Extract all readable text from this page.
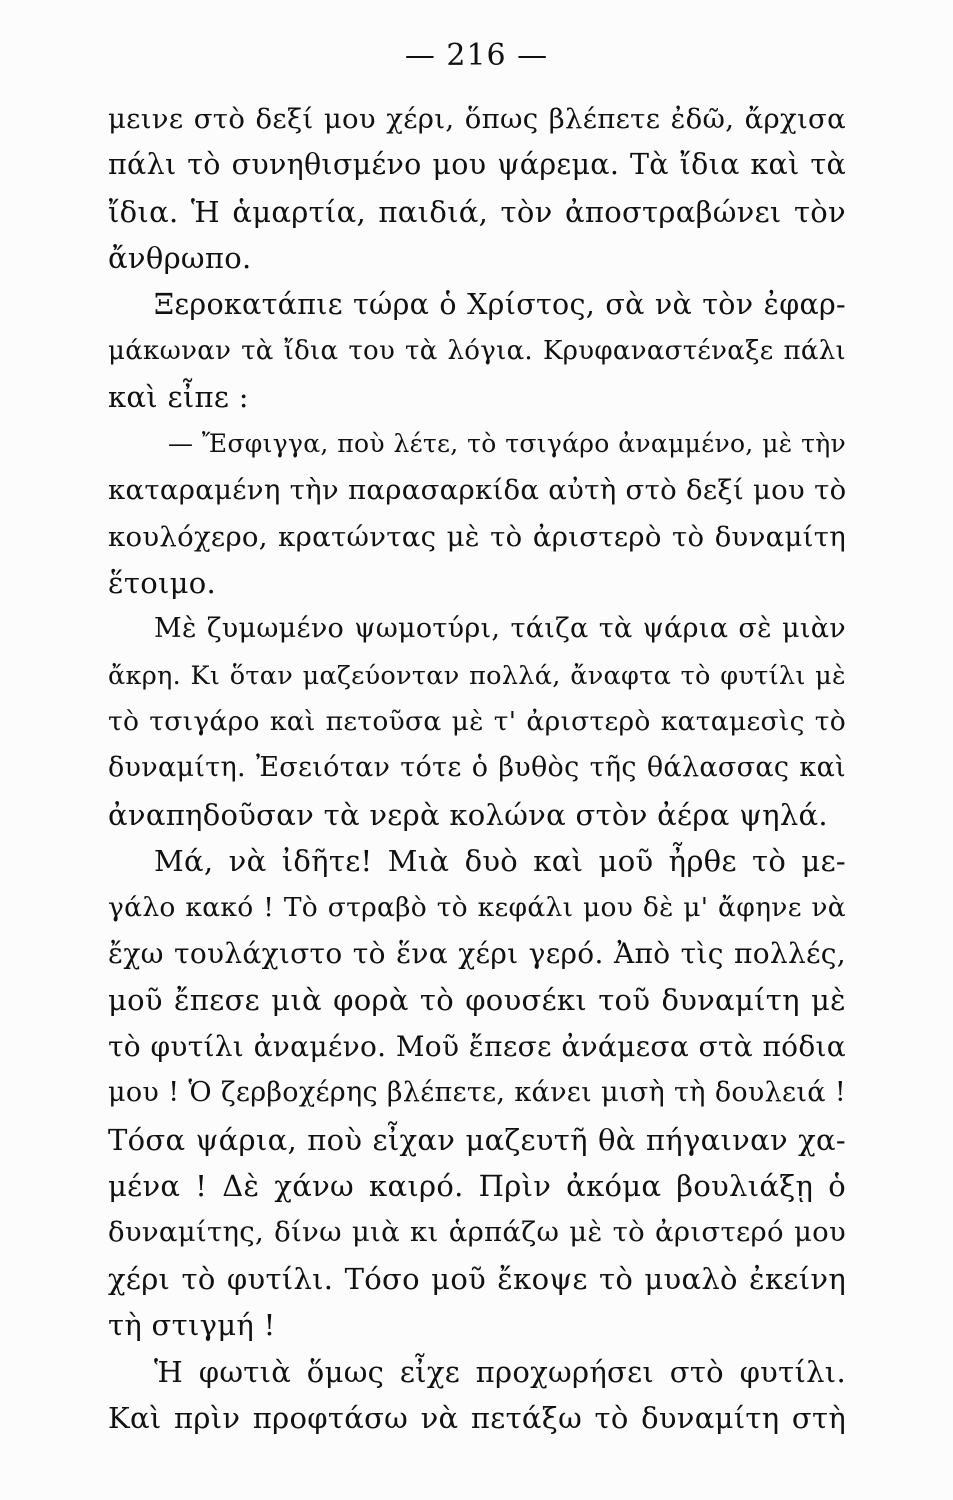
— 216 —
μεινε στὸ δεξί μου χέρι, ὅπως βλέπετε ἐδῶ, ἄρχισα
πάλι τὸ συνηθισμένο μου ψάρεμα. Τὰ ἴδια καὶ τὰ
ἴδια. Ἡ ἁμαρτία, παιδιά, τὸν ἀποστραβώνει τὸν
ἄνθρωπο.
Ξεροκατάπιε τώρα ὁ Χρίστος, σὰ νὰ τὸν ἐφαρ-
μάκωναν τὰ ἴδια του τὰ λόγια. Κρυφαναστέναξε πάλι
καὶ εἶπε :
— Ἔσφιγγα, ποὺ λέτε, τὸ τσιγάρο ἀναμμένο, μὲ τὴν
καταραμένη τὴν παρασαρκίδα αὐτὴ στὸ δεξί μου τὸ
κουλόχερο, κρατώντας μὲ τὸ ἀριστερὸ τὸ δυναμίτη
ἕτοιμο.
Μὲ ζυμωμένο ψωμοτύρι, τάιζα τὰ ψάρια σὲ μιὰν
ἄκρη. Κι ὅταν μαζεύονταν πολλά, ἄναφτα τὸ φυτίλι μὲ
τὸ τσιγάρο καὶ πετοῦσα μὲ τ' ἀριστερὸ καταμεσὶς τὸ
δυναμίτη. Ἐσειόταν τότε ὁ βυθὸς τῆς θάλασσας καὶ
ἀναπηδοῦσαν τὰ νερὰ κολώνα στὸν ἀέρα ψηλά.
Μά, νὰ ἰδῆτε! Μιὰ δυὸ καὶ μοῦ ἦρθε τὸ με-
γάλο κακό ! Τὸ στραβὸ τὸ κεφάλι μου δὲ μ' ἄφηνε νὰ
ἔχω τουλάχιστο τὸ ἕνα χέρι γερό. Ἀπὸ τὶς πολλές,
μοῦ ἔπεσε μιὰ φορὰ τὸ φουσέκι τοῦ δυναμίτη μὲ
τὸ φυτίλι ἀναμένο. Μοῦ ἔπεσε ἀνάμεσα στὰ πόδια
μου ! Ὁ ζερβοχέρης βλέπετε, κάνει μισὴ τὴ δουλειά !
Τόσα ψάρια, ποὺ εἶχαν μαζευτῆ θὰ πήγαιναν χα-
μένα ! Δὲ χάνω καιρό. Πρὶν ἀκόμα βουλιάξῃ ὁ
δυναμίτης, δίνω μιὰ κι ἁρπάζω μὲ τὸ ἀριστερό μου
χέρι τὸ φυτίλι. Τόσο μοῦ ἔκοψε τὸ μυαλὸ ἐκείνη
τὴ στιγμή !
Ἡ φωτιὰ ὅμως εἶχε προχωρήσει στὸ φυτίλι.
Καὶ πρὶν προφτάσω νὰ πετάξω τὸ δυναμίτη στὴ
